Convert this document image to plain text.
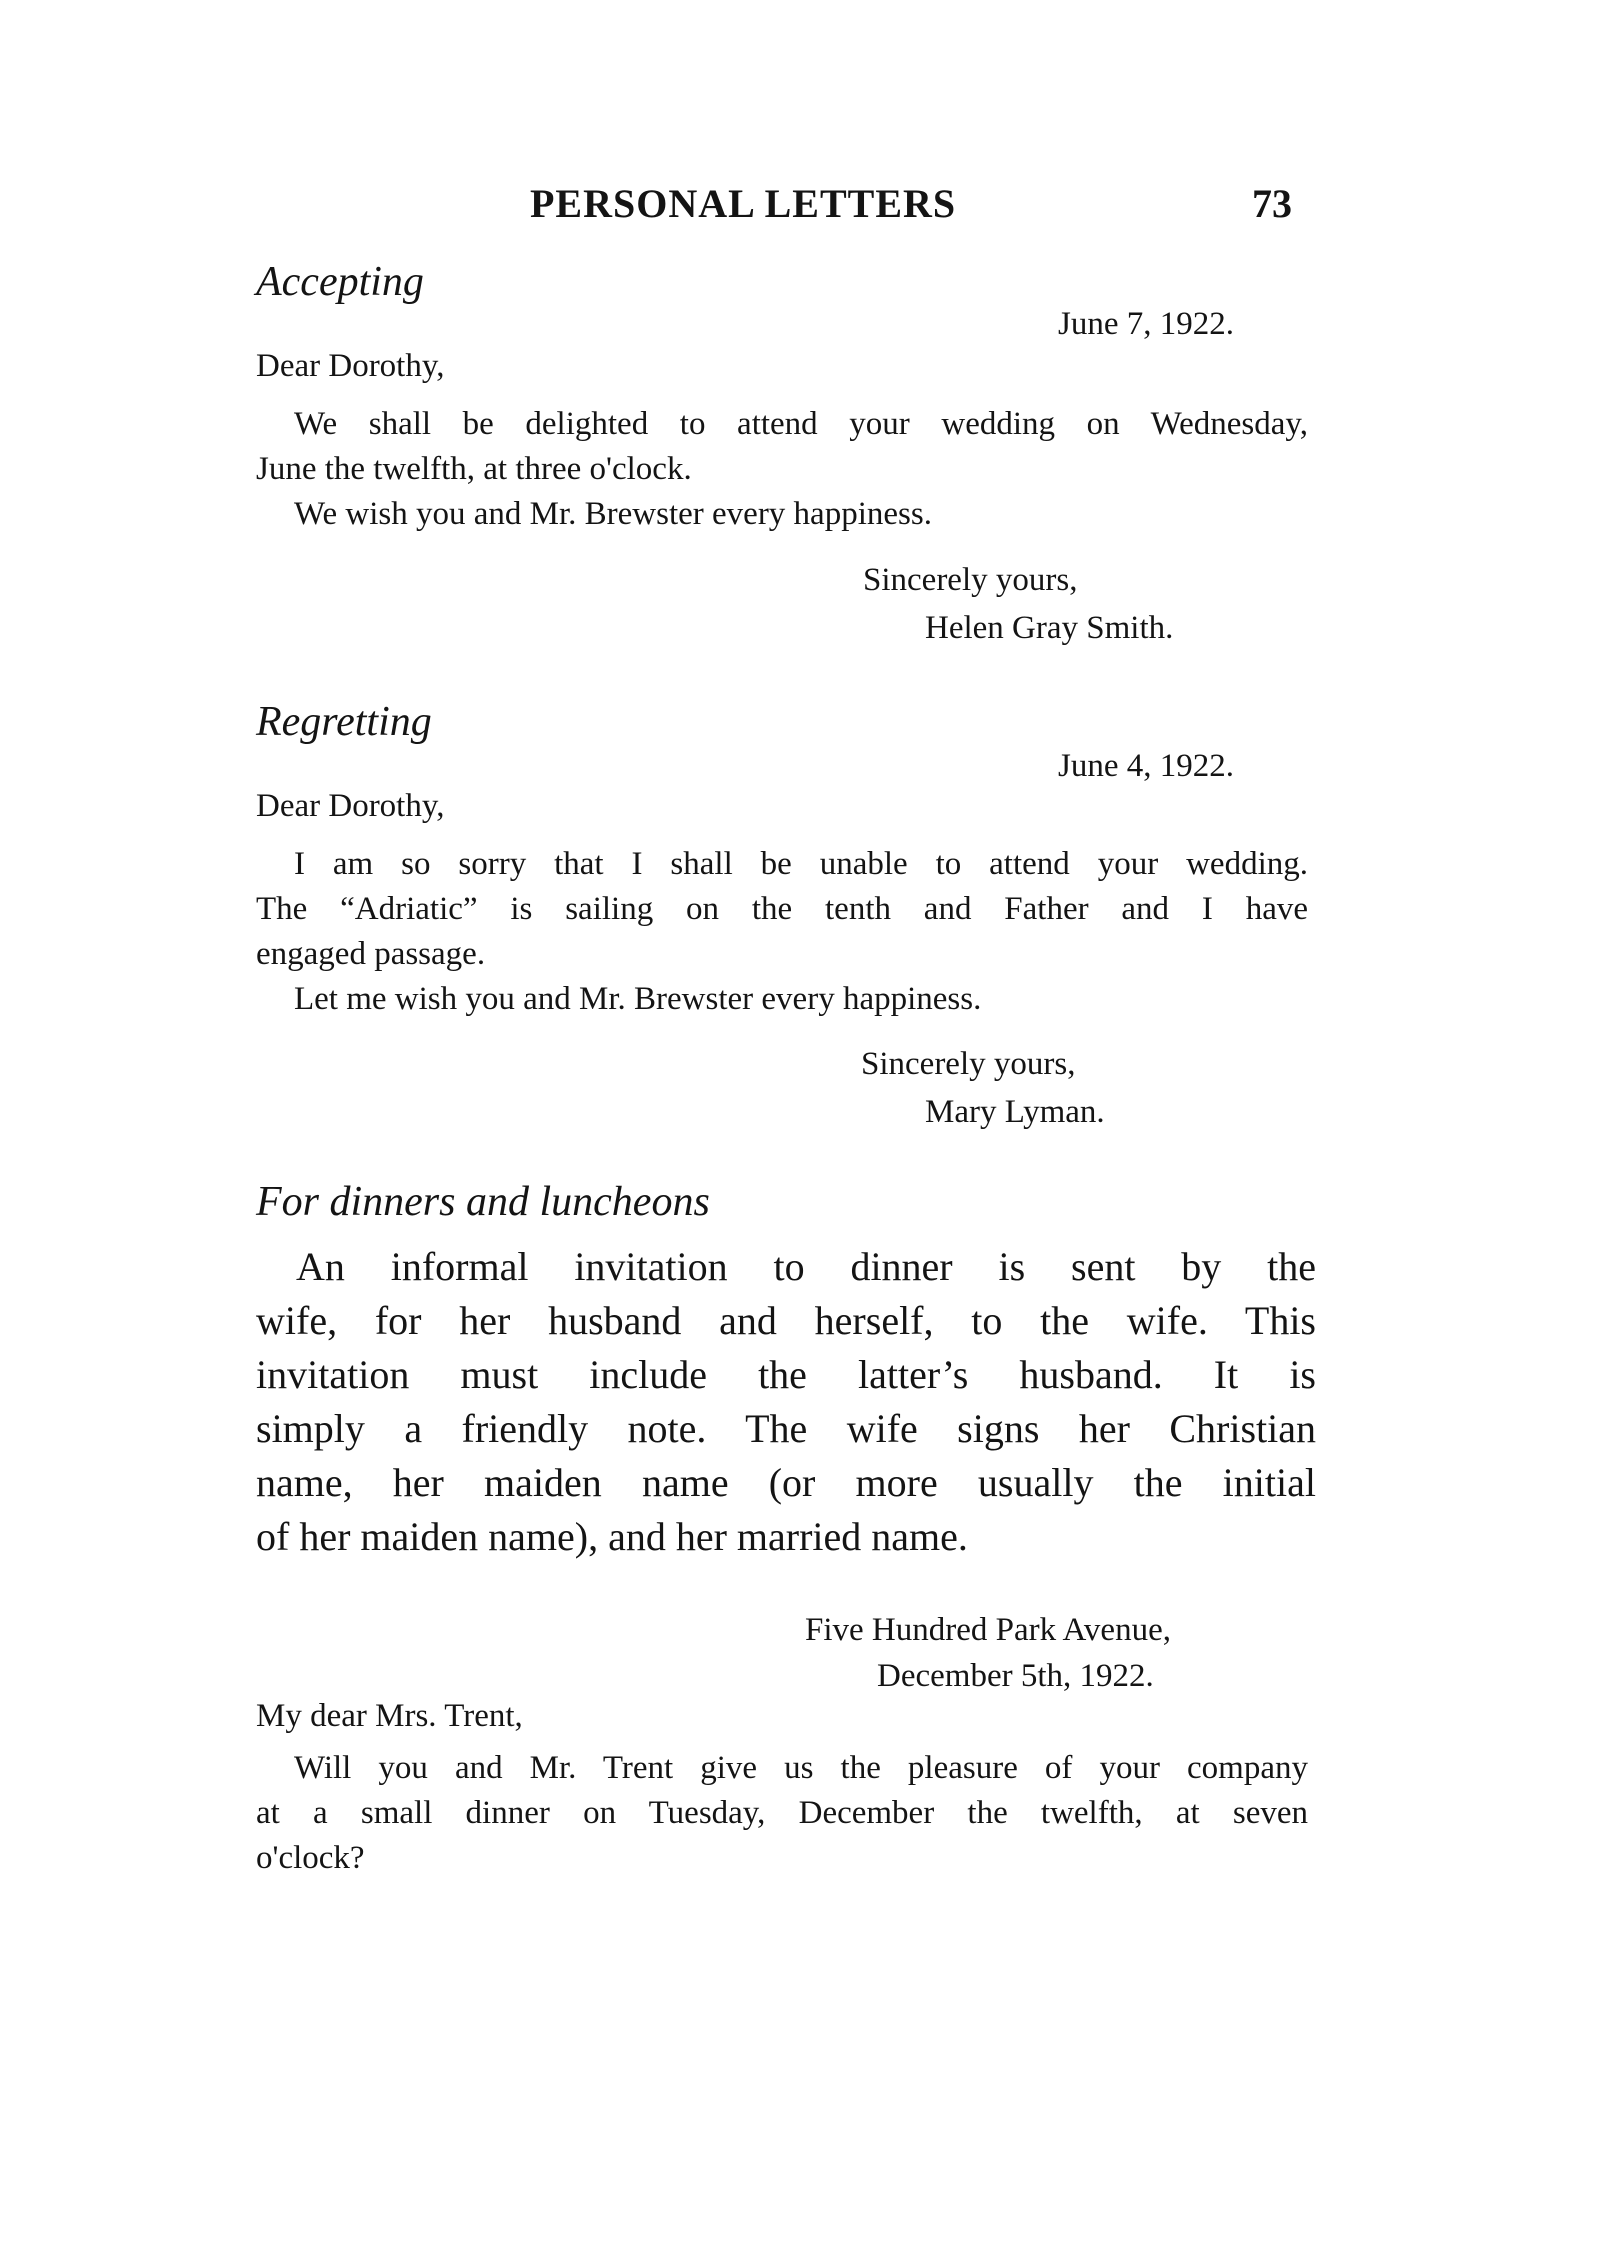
PERSONAL LETTERS	73
Accepting
June 7, 1922.
Dear Dorothy,
We shall be delighted to attend your wedding on Wednesday,
June the twelfth, at three o'clock.
We wish you and Mr. Brewster every happiness.
Sincerely yours,
Helen Gray Smith.
Regretting
June 4, 1922.
Dear Dorothy,
I am so sorry that I shall be unable to attend your wedding.
The “Adriatic” is sailing on the tenth and Father and I have
engaged passage.
Let me wish you and Mr. Brewster every happiness.
Sincerely yours,
Mary Lyman.
For dinners and luncheons
An informal invitation to dinner is sent by the
wife, for her husband and herself, to the wife. This
invitation must include the latter’s husband. It is
simply a friendly note. The wife signs her Christian
name, her maiden name (or more usually the initial
of her maiden name), and her married name.
Five Hundred Park Avenue,
December 5th, 1922.
My dear Mrs. Trent,
Will you and Mr. Trent give us the pleasure of your company
at a small dinner on Tuesday, December the twelfth, at seven
o'clock?
